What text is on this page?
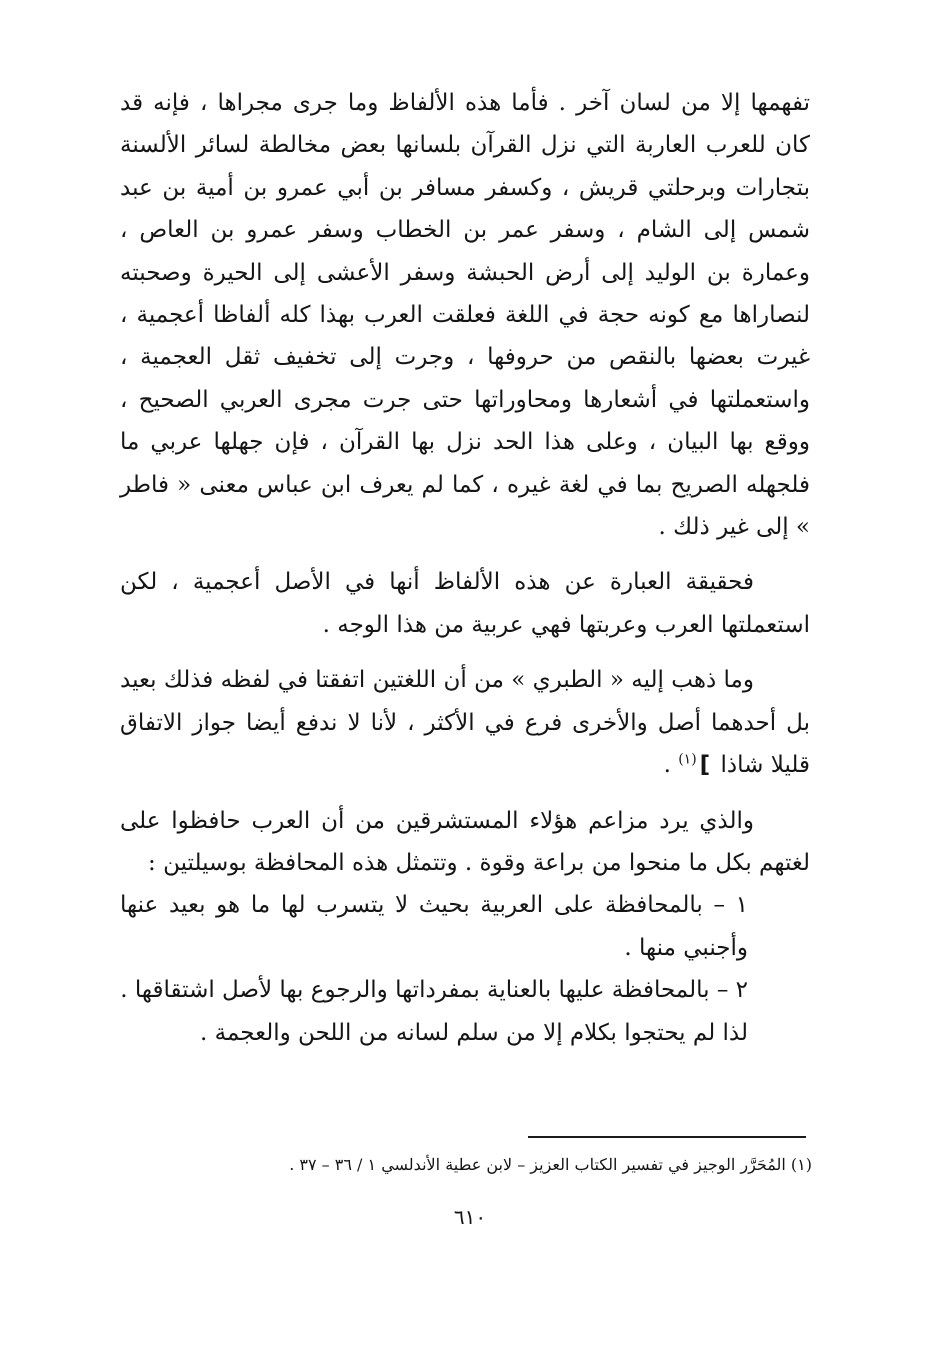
تفهمها إلا من لسان آخر . فأما هذه الألفاظ وما جرى مجراها ، فإنه قد كان للعرب العاربة التي نزل القرآن بلسانها بعض مخالطة لسائر الألسنة بتجارات وبرحلتي قريش ، وكسفر مسافر بن أبي عمرو بن أمية بن عبد شمس إلى الشام ، وسفر عمر بن الخطاب وسفر عمرو بن العاص ، وعمارة بن الوليد إلى أرض الحبشة وسفر الأعشى إلى الحيرة وصحبته لنصاراها مع كونه حجة في اللغة فعلقت العرب بهذا كله ألفاظا أعجمية ، غيرت بعضها بالنقص من حروفها ، وجرت إلى تخفيف ثقل العجمية ، واستعملتها في أشعارها ومحاوراتها حتى جرت مجرى العربي الصحيح ، ووقع بها البيان ، وعلى هذا الحد نزل بها القرآن ، فإن جهلها عربي ما فلجهله الصريح بما في لغة غيره ، كما لم يعرف ابن عباس معنى « فاطر » إلى غير ذلك .

فحقيقة العبارة عن هذه الألفاظ أنها في الأصل أعجمية ، لكن استعملتها العرب وعربتها فهي عربية من هذا الوجه .

وما ذهب إليه « الطبري » من أن اللغتين اتفقتا في لفظه فذلك بعيد بل أحدهما أصل والأخرى فرع في الأكثر ، لأنا لا ندفع أيضا جواز الاتفاق قليلا شاذا ]$^{(١)}$ .

والذي يرد مزاعم هؤلاء المستشرقين من أن العرب حافظوا على لغتهم بكل ما منحوا من براعة وقوة . وتتمثل هذه المحافظة بوسيلتين :

١ – بالمحافظة على العربية بحيث لا يتسرب لها ما هو بعيد عنها وأجنبي منها .

٢ – بالمحافظة عليها بالعناية بمفرداتها والرجوع بها لأصل اشتقاقها .

لذا لم يحتجوا بكلام إلا من سلم لسانه من اللحن والعجمة .

(١) المُحَرَّر الوجيز في تفسير الكتاب العزيز – لابن عطية الأندلسي ١ / ٣٦ – ٣٧ .
٦١٠
